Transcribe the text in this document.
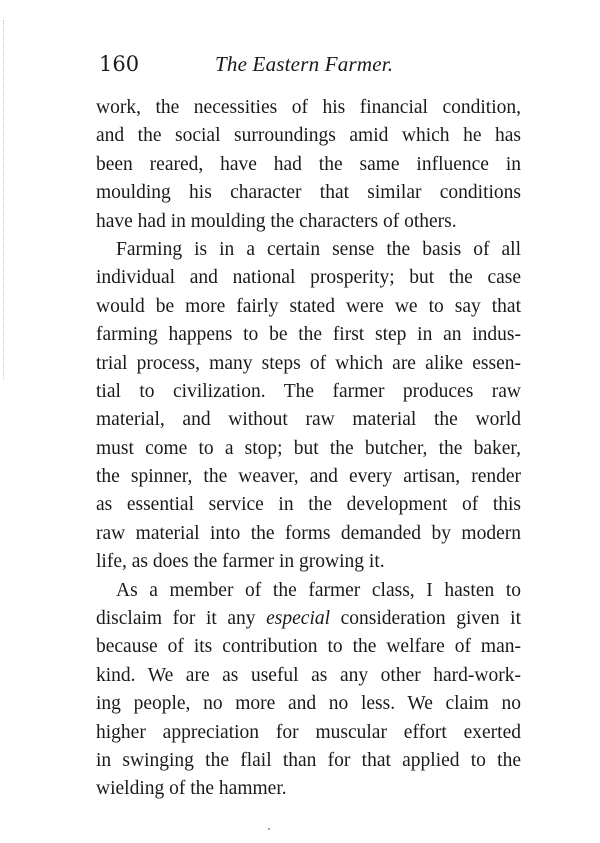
160	The Eastern Farmer.
work, the necessities of his financial condition,
and the social surroundings amid which he has
been reared, have had the same influence in
moulding his character that similar conditions
have had in moulding the characters of others.
Farming is in a certain sense the basis of all
individual and national prosperity; but the case
would be more fairly stated were we to say that
farming happens to be the first step in an indus-
trial process, many steps of which are alike essen-
tial to civilization. The farmer produces raw
material, and without raw material the world
must come to a stop; but the butcher, the baker,
the spinner, the weaver, and every artisan, render
as essential service in the development of this
raw material into the forms demanded by modern
life, as does the farmer in growing it.
As a member of the farmer class, I hasten to
disclaim for it any especial consideration given it
because of its contribution to the welfare of man-
kind. We are as useful as any other hard-work-
ing people, no more and no less. We claim no
higher appreciation for muscular effort exerted
in swinging the flail than for that applied to the
wielding of the hammer.
